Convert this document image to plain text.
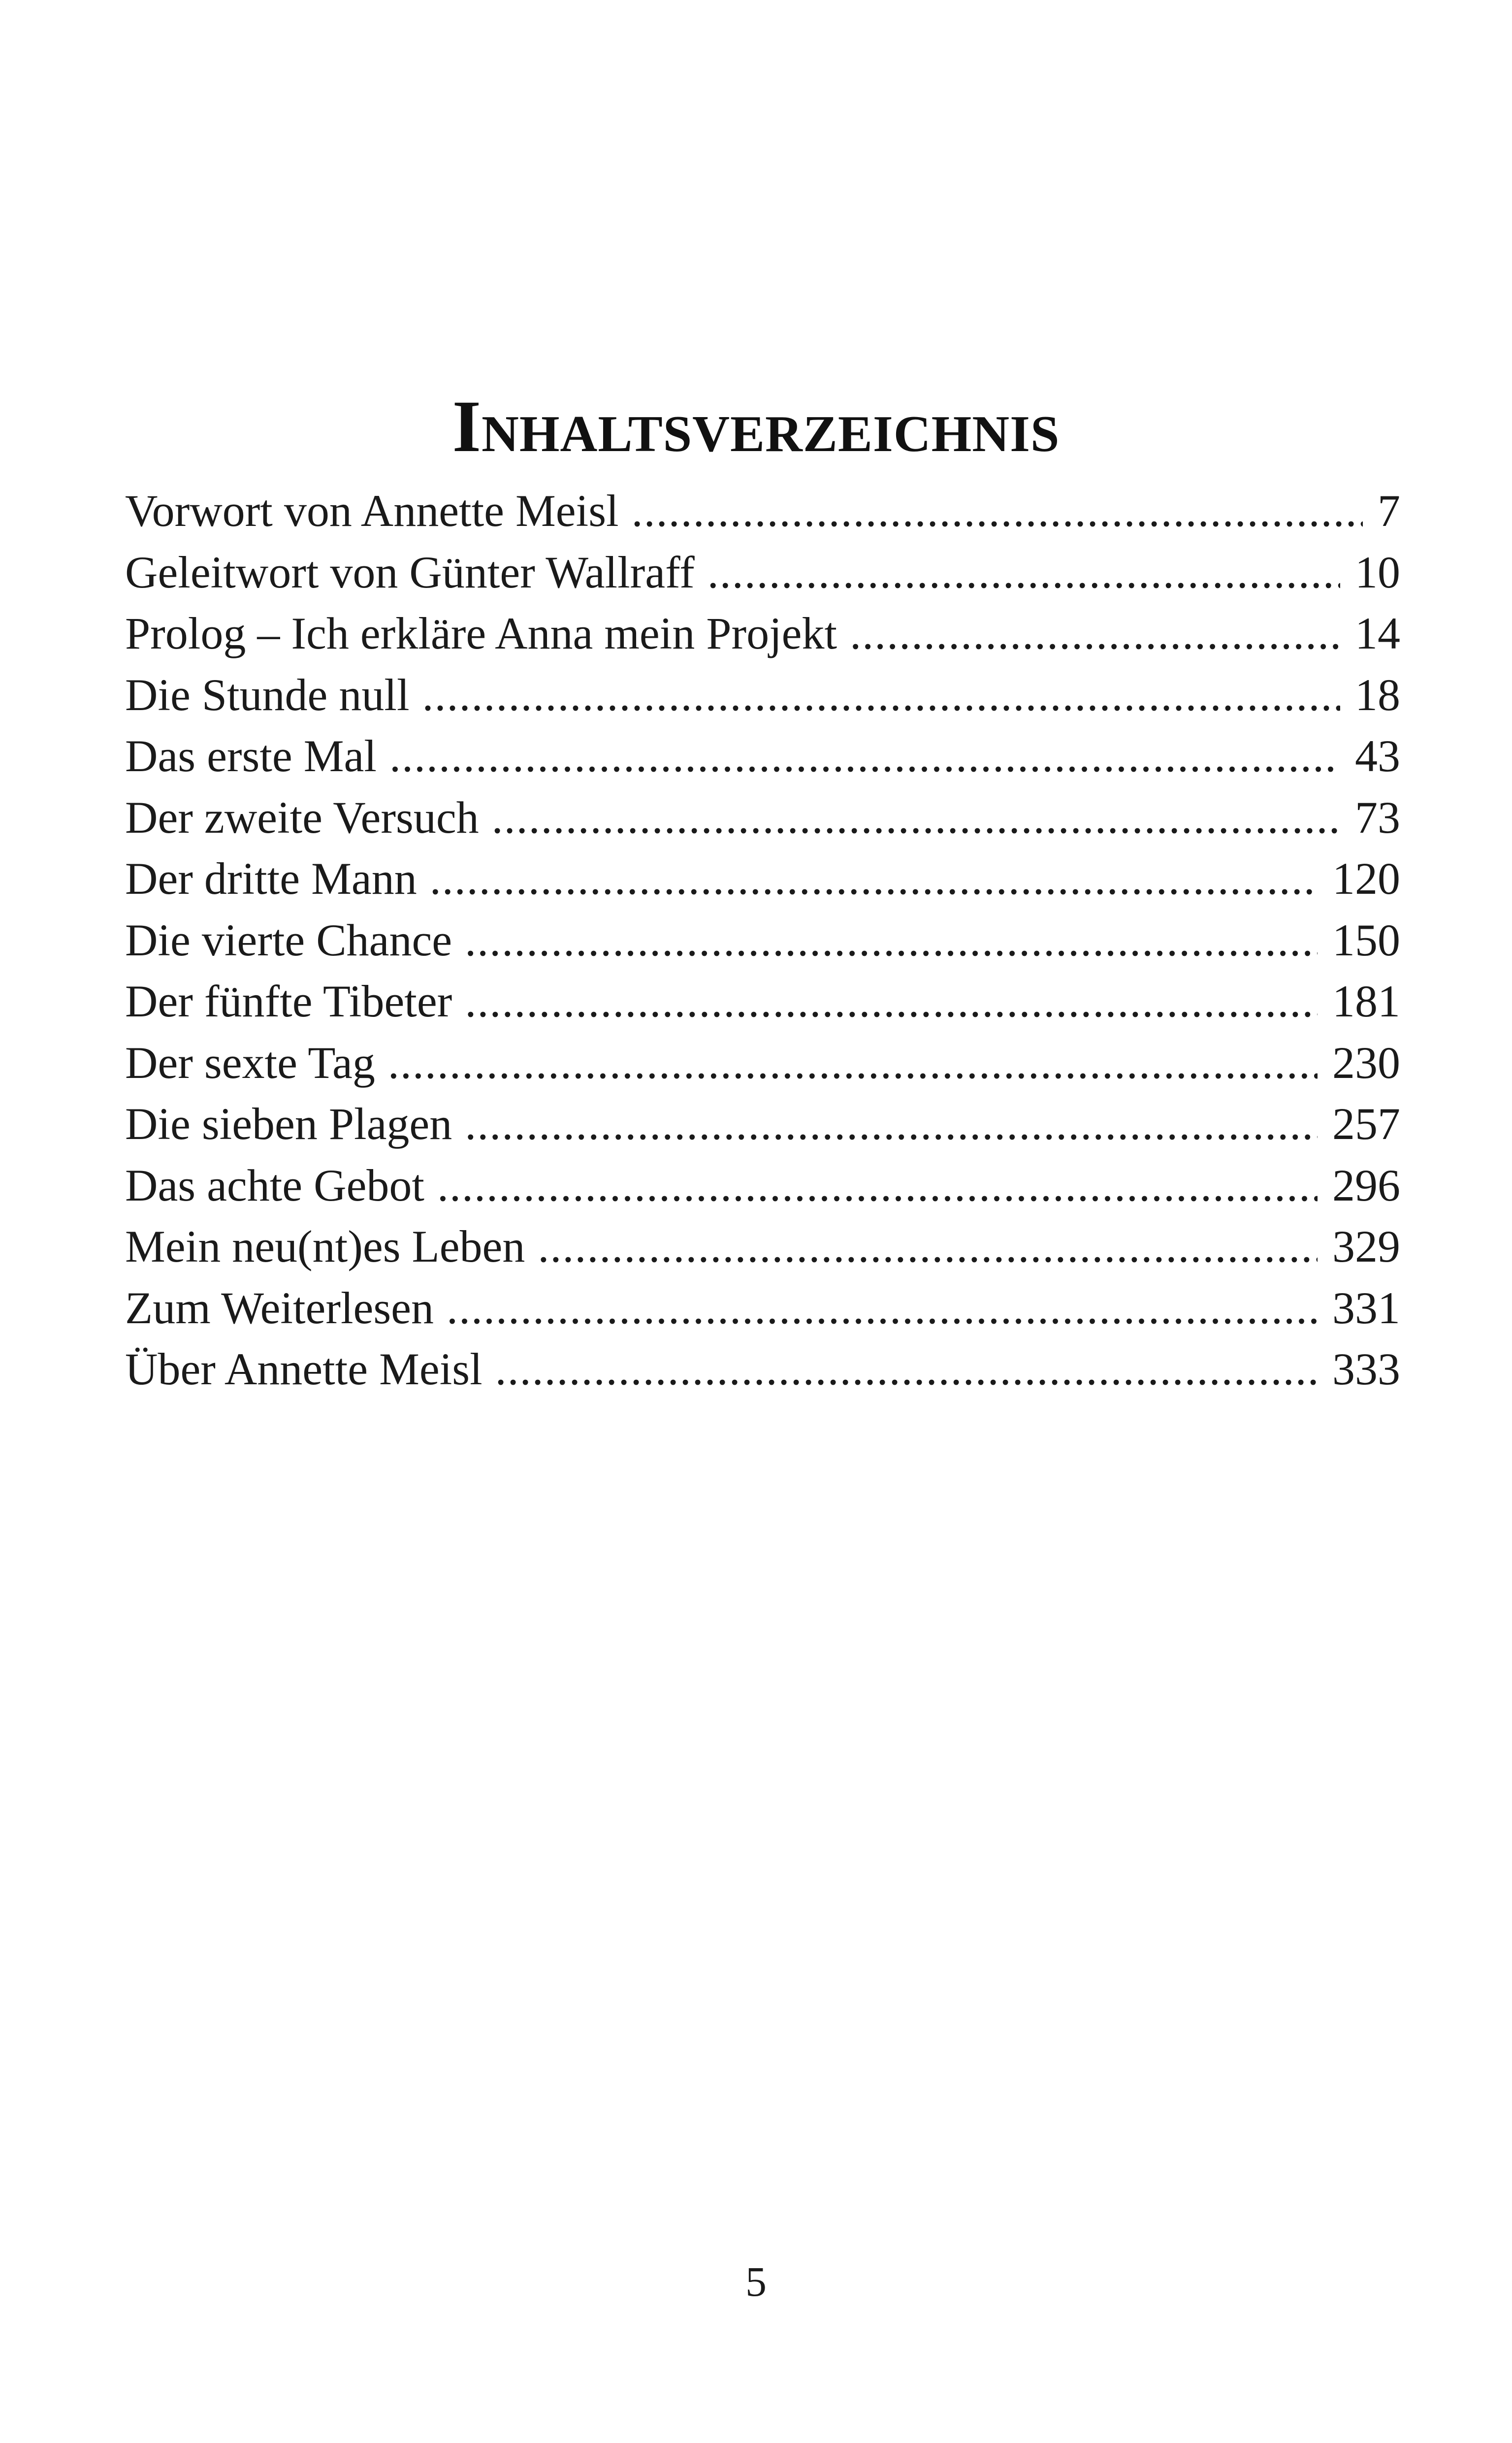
Inhaltsverzeichnis
Vorwort von Annette Meisl .....	7
Geleitwort von Günter Wallraff .....	10
Prolog – Ich erkläre Anna mein Projekt .....	14
Die Stunde null .....	18
Das erste Mal .....	43
Der zweite Versuch .....	73
Der dritte Mann .....	120
Die vierte Chance .....	150
Der fünfte Tibeter .....	181
Der sexte Tag .....	230
Die sieben Plagen .....	257
Das achte Gebot .....	296
Mein neu(nt)es Leben .....	329
Zum Weiterlesen .....	331
Über Annette Meisl .....	333
5
